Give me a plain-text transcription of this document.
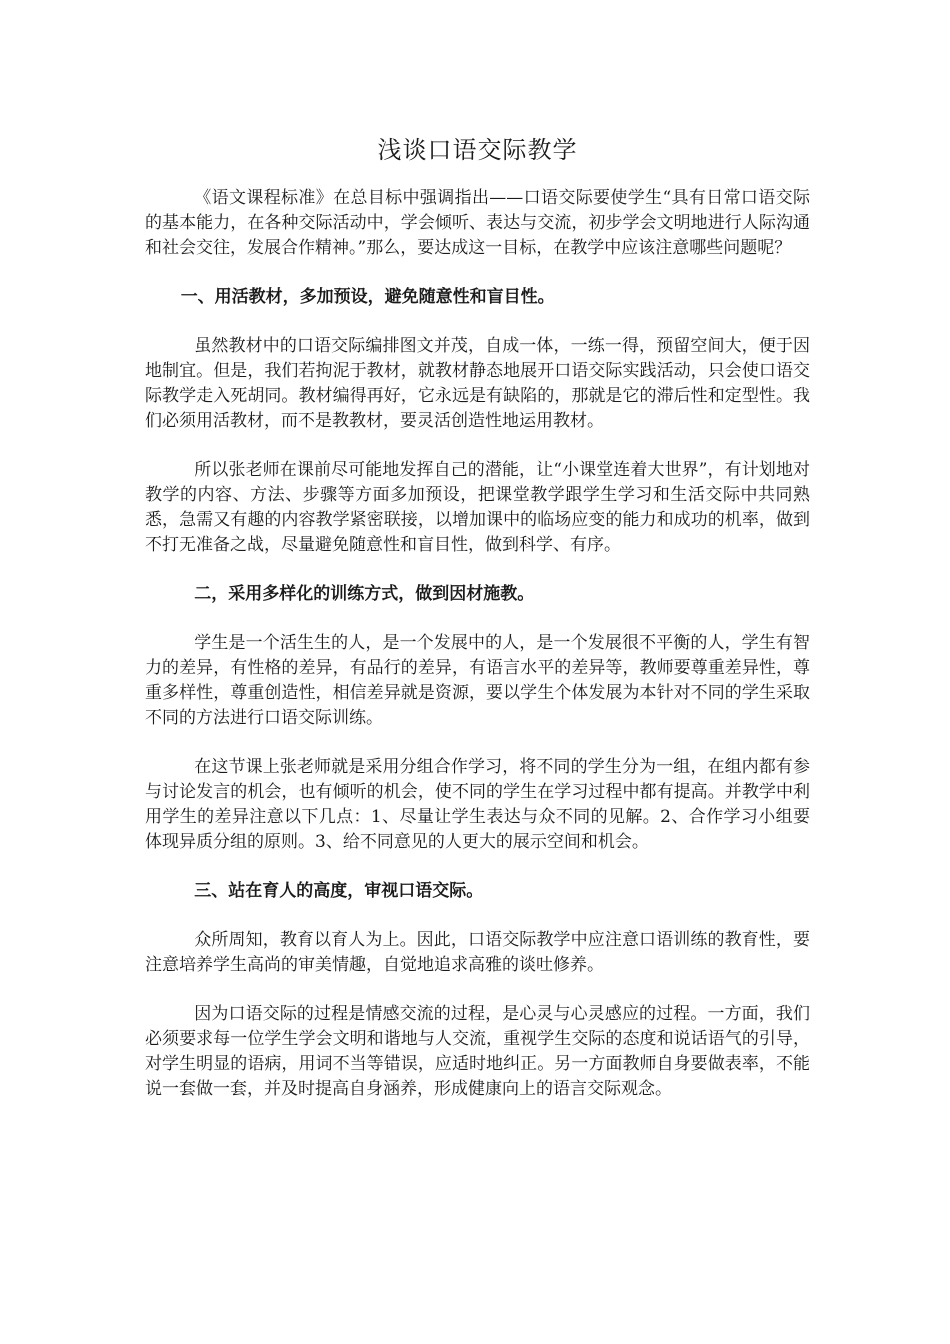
浅谈口语交际教学

《语文课程标准》在总目标中强调指出——口语交际要使学生“具有日常口语交际的基本能力，在各种交际活动中，学会倾听、表达与交流，初步学会文明地进行人际沟通和社会交往，发展合作精神。”那么，要达成这一目标，在教学中应该注意哪些问题呢？

一、用活教材，多加预设，避免随意性和盲目性。

虽然教材中的口语交际编排图文并茂，自成一体，一练一得，预留空间大，便于因地制宜。但是，我们若拘泥于教材，就教材静态地展开口语交际实践活动，只会使口语交际教学走入死胡同。教材编得再好，它永远是有缺陷的，那就是它的滞后性和定型性。我们必须用活教材，而不是教教材，要灵活创造性地运用教材。

所以张老师在课前尽可能地发挥自己的潜能，让“小课堂连着大世界”，有计划地对教学的内容、方法、步骤等方面多加预设，把课堂教学跟学生学习和生活交际中共同熟悉，急需又有趣的内容教学紧密联接，以增加课中的临场应变的能力和成功的机率，做到不打无准备之战，尽量避免随意性和盲目性，做到科学、有序。

二，采用多样化的训练方式，做到因材施教。

学生是一个活生生的人，是一个发展中的人，是一个发展很不平衡的人，学生有智力的差异，有性格的差异，有品行的差异，有语言水平的差异等，教师要尊重差异性，尊重多样性，尊重创造性，相信差异就是资源，要以学生个体发展为本针对不同的学生采取不同的方法进行口语交际训练。

在这节课上张老师就是采用分组合作学习，将不同的学生分为一组，在组内都有参与讨论发言的机会，也有倾听的机会，使不同的学生在学习过程中都有提高。并教学中利用学生的差异注意以下几点：1、尽量让学生表达与众不同的见解。2、合作学习小组要体现异质分组的原则。3、给不同意见的人更大的展示空间和机会。

三、站在育人的高度，审视口语交际。

众所周知，教育以育人为上。因此，口语交际教学中应注意口语训练的教育性，要注意培养学生高尚的审美情趣，自觉地追求高雅的谈吐修养。

因为口语交际的过程是情感交流的过程，是心灵与心灵感应的过程。一方面，我们必须要求每一位学生学会文明和谐地与人交流，重视学生交际的态度和说话语气的引导，对学生明显的语病，用词不当等错误，应适时地纠正。另一方面教师自身要做表率，不能说一套做一套，并及时提高自身涵养，形成健康向上的语言交际观念。
